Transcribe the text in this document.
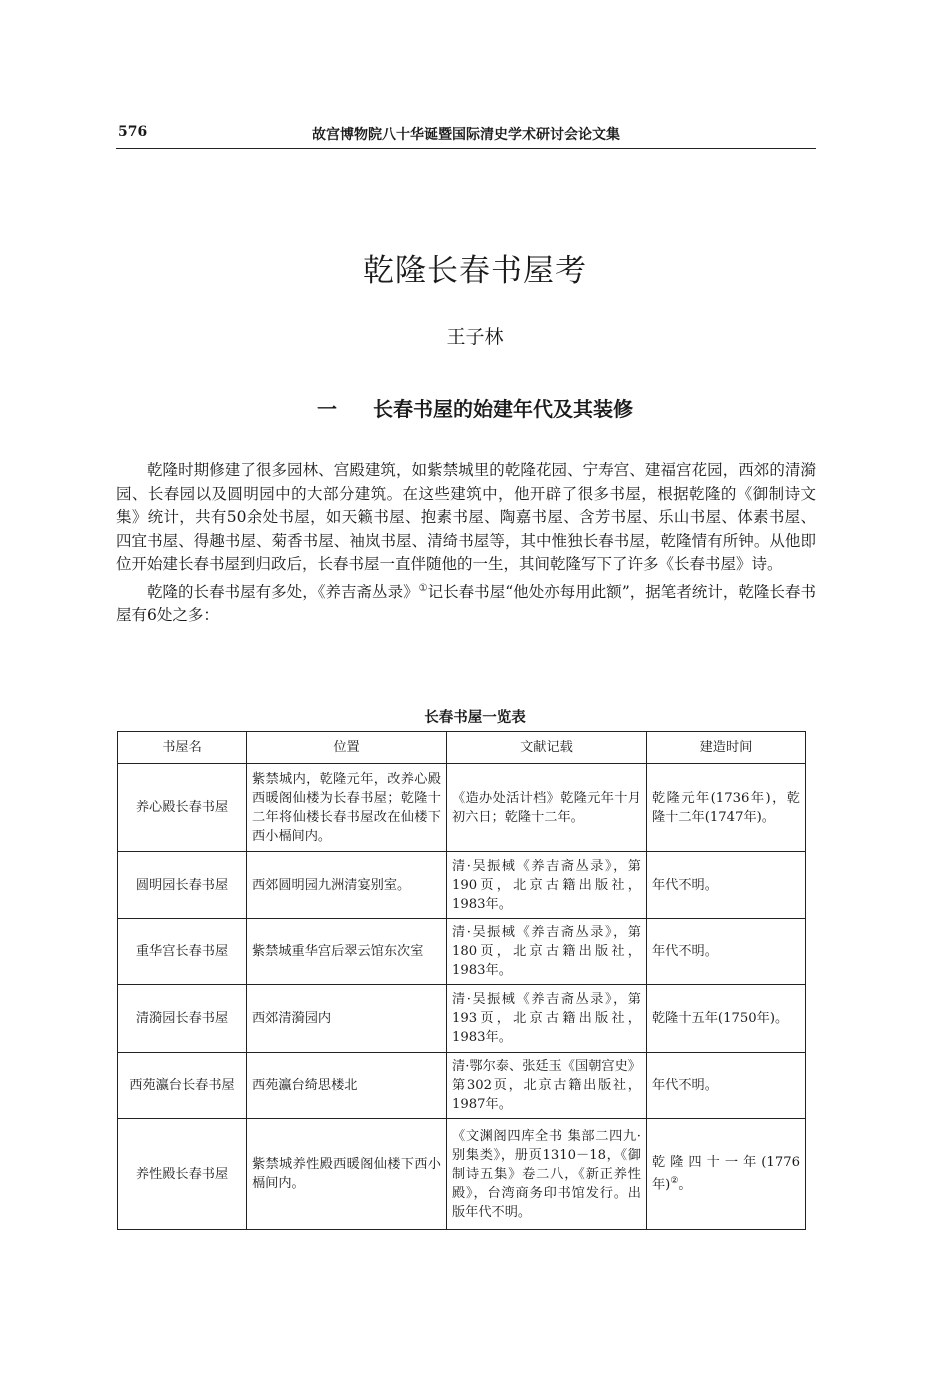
576	故宫博物院八十华诞暨国际清史学术研讨会论文集
乾隆长春书屋考
王子林
一 长春书屋的始建年代及其装修

乾隆时期修建了很多园林、宫殿建筑，如紫禁城里的乾隆花园、宁寿宫、建福宫花园，西郊的清漪园、长春园以及圆明园中的大部分建筑。在这些建筑中，他开辟了很多书屋，根据乾隆的《御制诗文集》统计，共有50余处书屋，如天籁书屋、抱素书屋、陶嘉书屋、含芳书屋、乐山书屋、体素书屋、四宜书屋、得趣书屋、菊香书屋、袖岚书屋、清绮书屋等，其中惟独长春书屋，乾隆情有所钟。从他即位开始建长春书屋到归政后，长春书屋一直伴随他的一生，其间乾隆写下了许多《长春书屋》诗。

乾隆的长春书屋有多处，《养吉斋丛录》①记长春书屋“他处亦每用此额”，据笔者统计，乾隆长春书屋有6处之多：

长春书屋一览表
书屋名	位置	文献记载	建造时间
养心殿长春书屋	紫禁城内，乾隆元年，改养心殿西暖阁仙楼为长春书屋；乾隆十二年将仙楼长春书屋改在仙楼下西小槅间内。	《造办处活计档》乾隆元年十月初六日；乾隆十二年。	乾隆元年(1736年)，乾隆十二年(1747年)。
圆明园长春书屋	西郊圆明园九洲清宴别室。	清·吴振棫《养吉斋丛录》，第190页，北京古籍出版社，1983年。	年代不明。
重华宫长春书屋	紫禁城重华宫后翠云馆东次室	清·吴振棫《养吉斋丛录》，第180页，北京古籍出版社，1983年。	年代不明。
清漪园长春书屋	西郊清漪园内	清·吴振棫《养吉斋丛录》，第193页，北京古籍出版社，1983年。	乾隆十五年(1750年)。
西苑瀛台长春书屋	西苑瀛台绮思楼北	清·鄂尔泰、张廷玉《国朝宫史》第302页，北京古籍出版社，1987年。	年代不明。
养性殿长春书屋	紫禁城养性殿西暖阁仙楼下西小槅间内。	《文渊阁四库全书 集部二四九·别集类》，册页1310－18，《御制诗五集》卷二八，《新正养性殿》，台湾商务印书馆发行。出版年代不明。	乾隆四十一年(1776年)②。
